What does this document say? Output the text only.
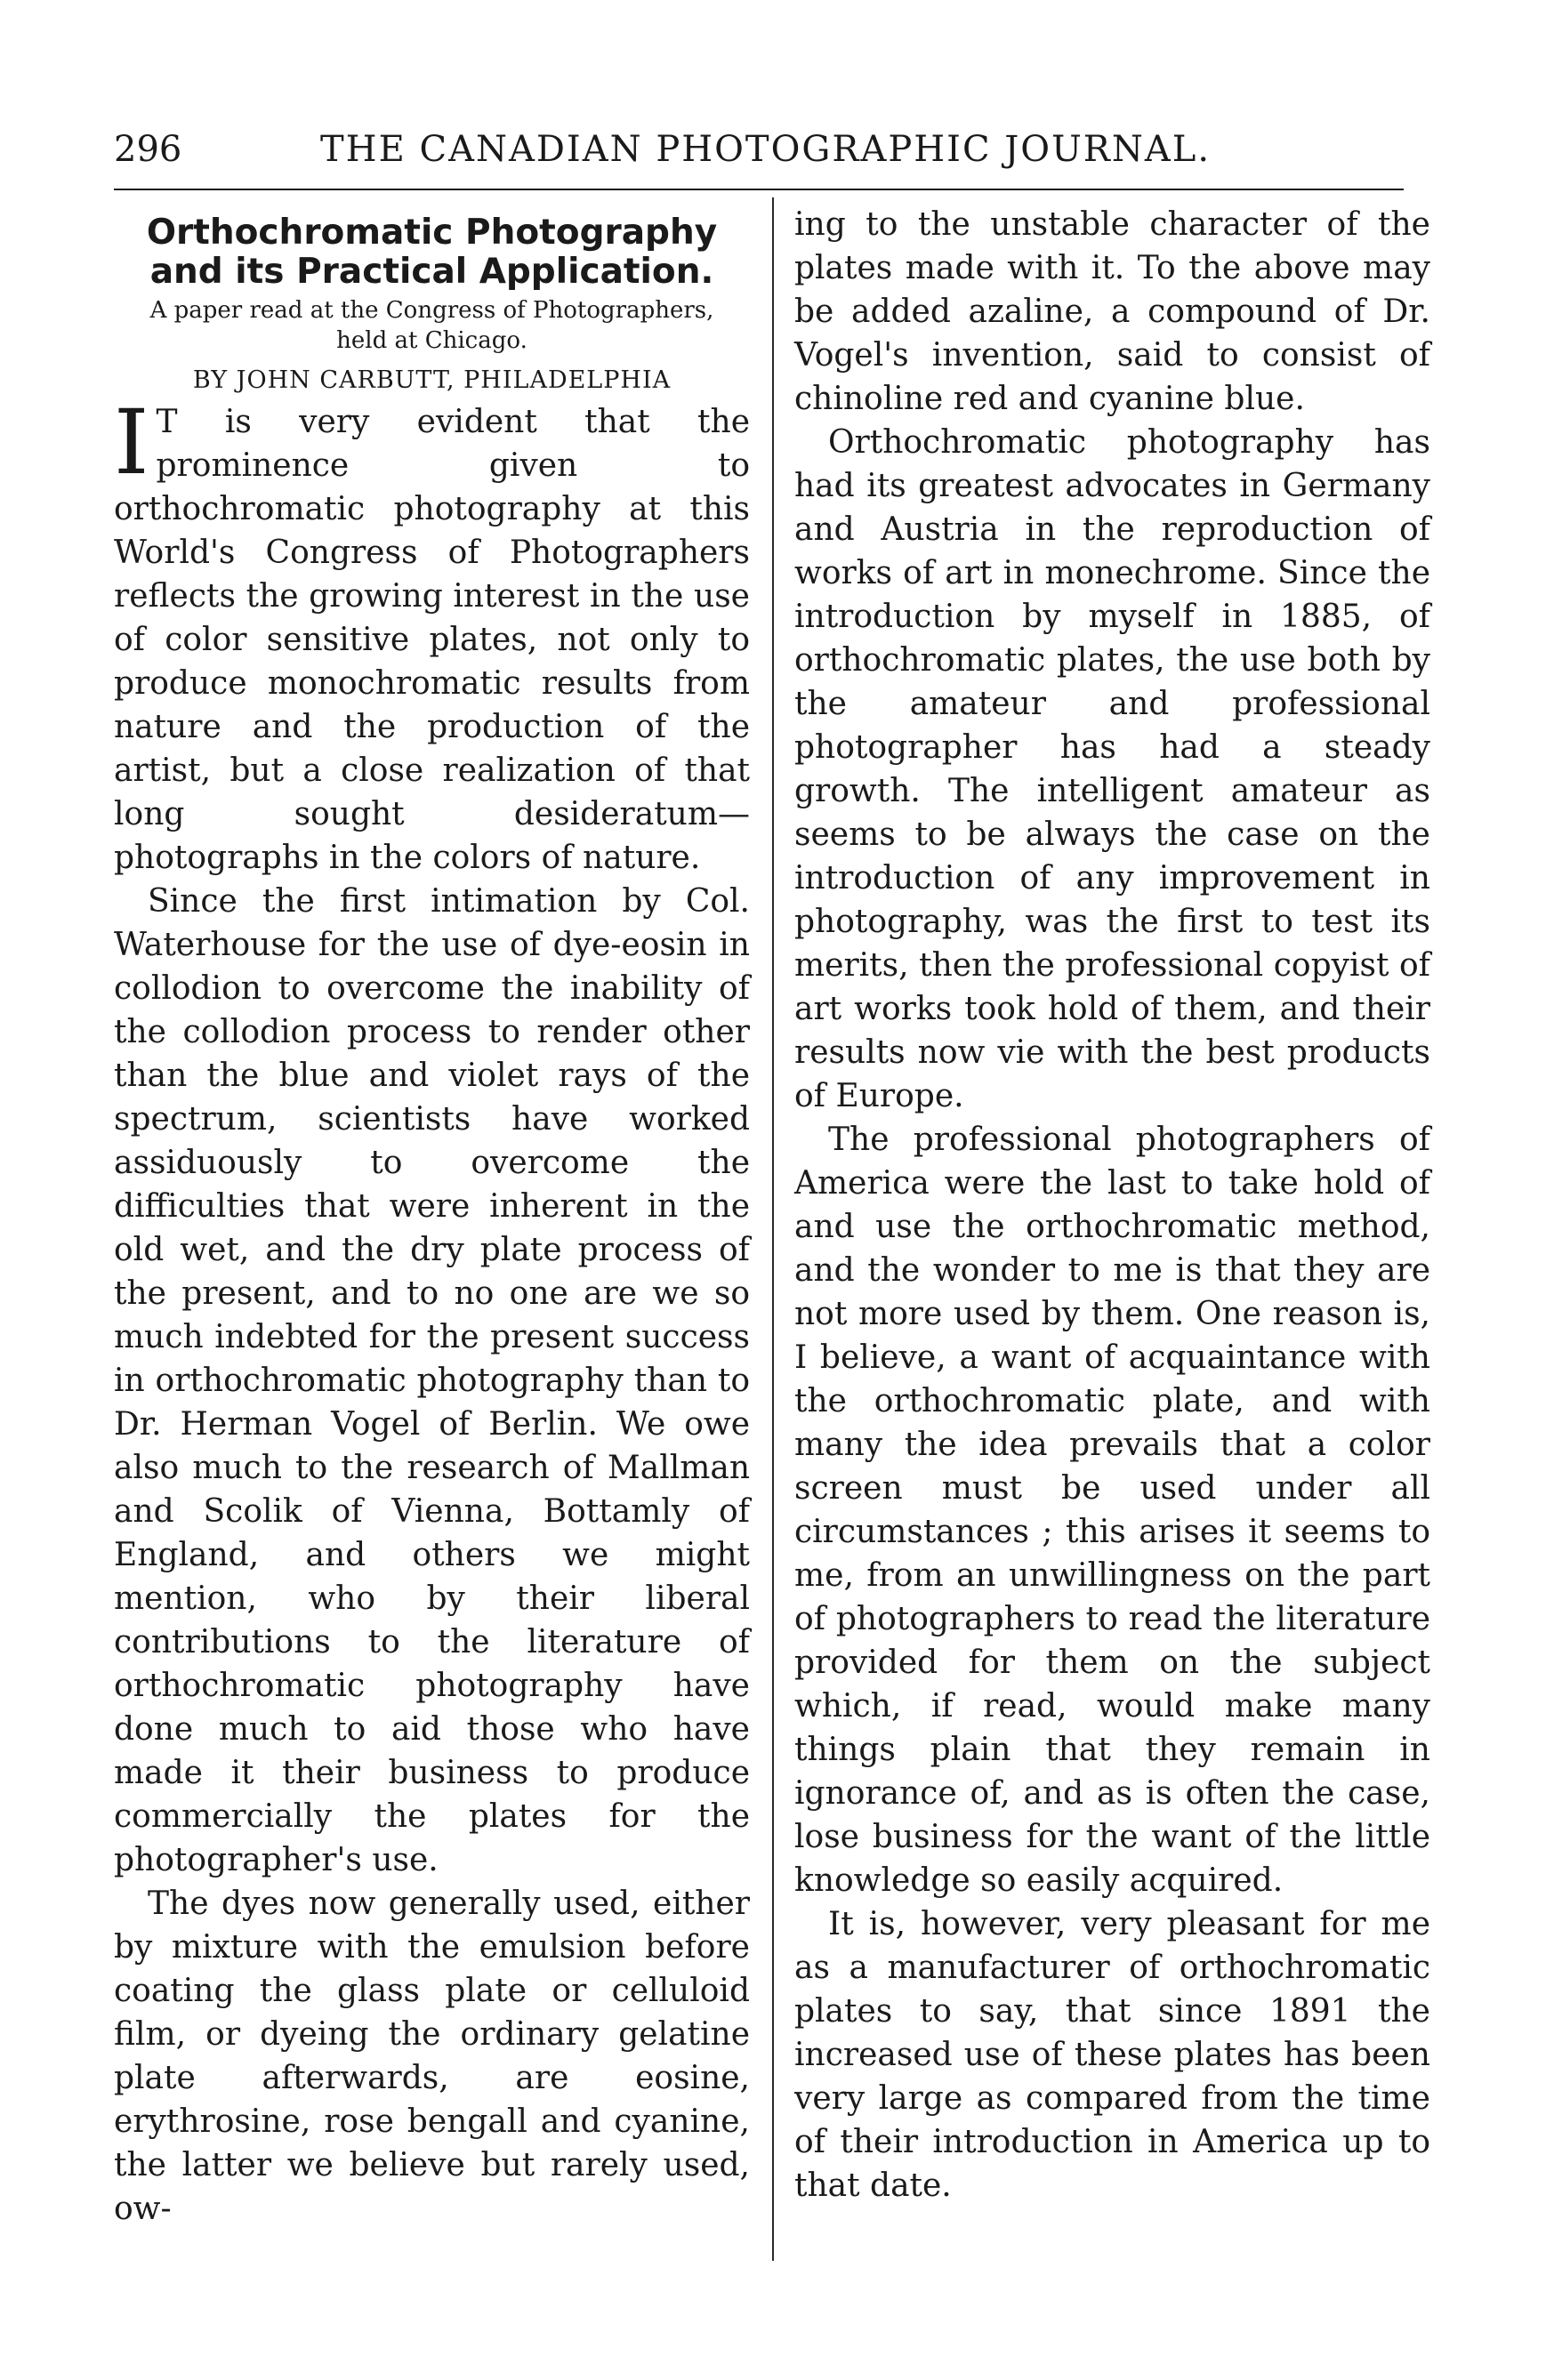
296	THE CANADIAN PHOTOGRAPHIC JOURNAL.
Orthochromatic Photography and its Practical Application.
A paper read at the Congress of Photographers, held at Chicago.
BY JOHN CARBUTT, PHILADELPHIA

I T is very evident that the prominence given to orthochromatic photography at this World's Congress of Photographers reflects the growing interest in the use of color sensitive plates, not only to produce monochromatic results from nature and the production of the artist, but a close realization of that long sought desideratum—photographs in the colors of nature.

Since the first intimation by Col. Waterhouse for the use of dye-eosin in collodion to overcome the inability of the collodion process to render other than the blue and violet rays of the spectrum, scientists have worked assiduously to overcome the difficulties that were inherent in the old wet, and the dry plate process of the present, and to no one are we so much indebted for the present success in orthochromatic photography than to Dr. Herman Vogel of Berlin. We owe also much to the research of Mallman and Scolik of Vienna, Bottamly of England, and others we might mention, who by their liberal contributions to the literature of orthochromatic photography have done much to aid those who have made it their business to produce commercially the plates for the photographer's use.

The dyes now generally used, either by mixture with the emulsion before coating the glass plate or celluloid film, or dyeing the ordinary gelatine plate afterwards, are eosine, erythrosine, rose bengall and cyanine, the latter we believe but rarely used, ow-

ing to the unstable character of the plates made with it. To the above may be added azaline, a compound of Dr. Vogel's invention, said to consist of chinoline red and cyanine blue.

Orthochromatic photography has had its greatest advocates in Germany and Austria in the reproduction of works of art in monechrome. Since the introduction by myself in 1885, of orthochromatic plates, the use both by the amateur and professional photographer has had a steady growth. The intelligent amateur as seems to be always the case on the introduction of any improvement in photography, was the first to test its merits, then the professional copyist of art works took hold of them, and their results now vie with the best products of Europe.

The professional photographers of America were the last to take hold of and use the orthochromatic method, and the wonder to me is that they are not more used by them. One reason is, I believe, a want of acquaintance with the orthochromatic plate, and with many the idea prevails that a color screen must be used under all circumstances ; this arises it seems to me, from an unwillingness on the part of photographers to read the literature provided for them on the subject which, if read, would make many things plain that they remain in ignorance of, and as is often the case, lose business for the want of the little knowledge so easily acquired.

It is, however, very pleasant for me as a manufacturer of orthochromatic plates to say, that since 1891 the increased use of these plates has been very large as compared from the time of their introduction in America up to that date.
